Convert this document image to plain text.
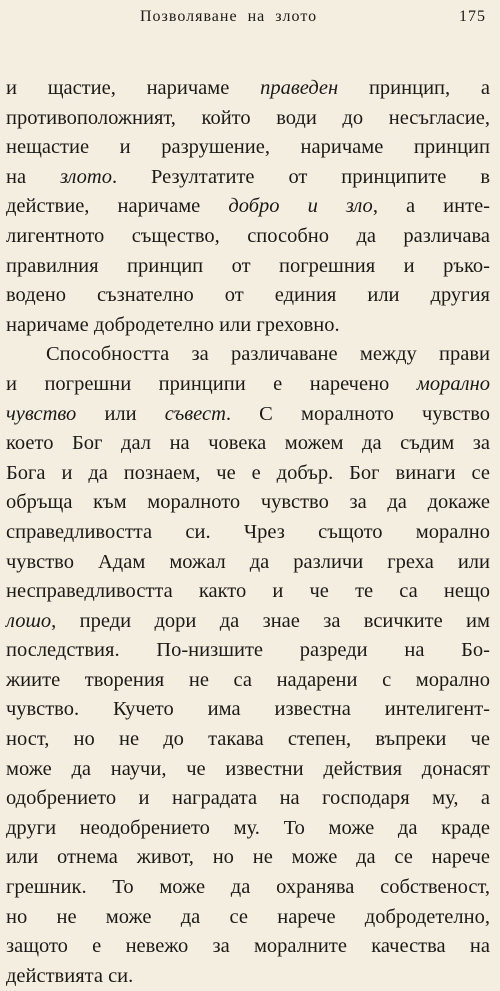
Позволяване на злото	175
и щастие, наричаме праведен принцип, а
противоположният, който води до несъгласие,
нещастие и разрушение, наричаме принцип
на злото. Резултатите от принципите в
действие, наричаме добро и зло, а инте-
лигентното същество, способно да различава
правилния принцип от погрешния и ръко-
водено съзнателно от единия или другия
наричаме добродетелно или греховно.
Способността за различаване между прави
и погрешни принципи е наречено морално
чувство или съвест. С моралното чувство
което Бог дал на човека можем да съдим за
Бога и да познаем, че е добър. Бог винаги се
обръща към моралното чувство за да докаже
справедливостта си. Чрез същото морално
чувство Адам можал да различи греха или
несправедливостта както и че те са нещо
лошо, преди дори да знае за всичките им
последствия. По-низшите разреди на Бо-
жиите творения не са надарени с морално
чувство. Кучето има известна интелигент-
ност, но не до такава степен, въпреки че
може да научи, че известни действия донасят
одобрението и наградата на господаря му, а
други неодобрението му. То може да краде
или отнема живот, но не може да се нарече
грешник. То може да охранява собственост,
но не може да се нарече добродетелно,
защото е невежо за моралните качества на
действията си.
